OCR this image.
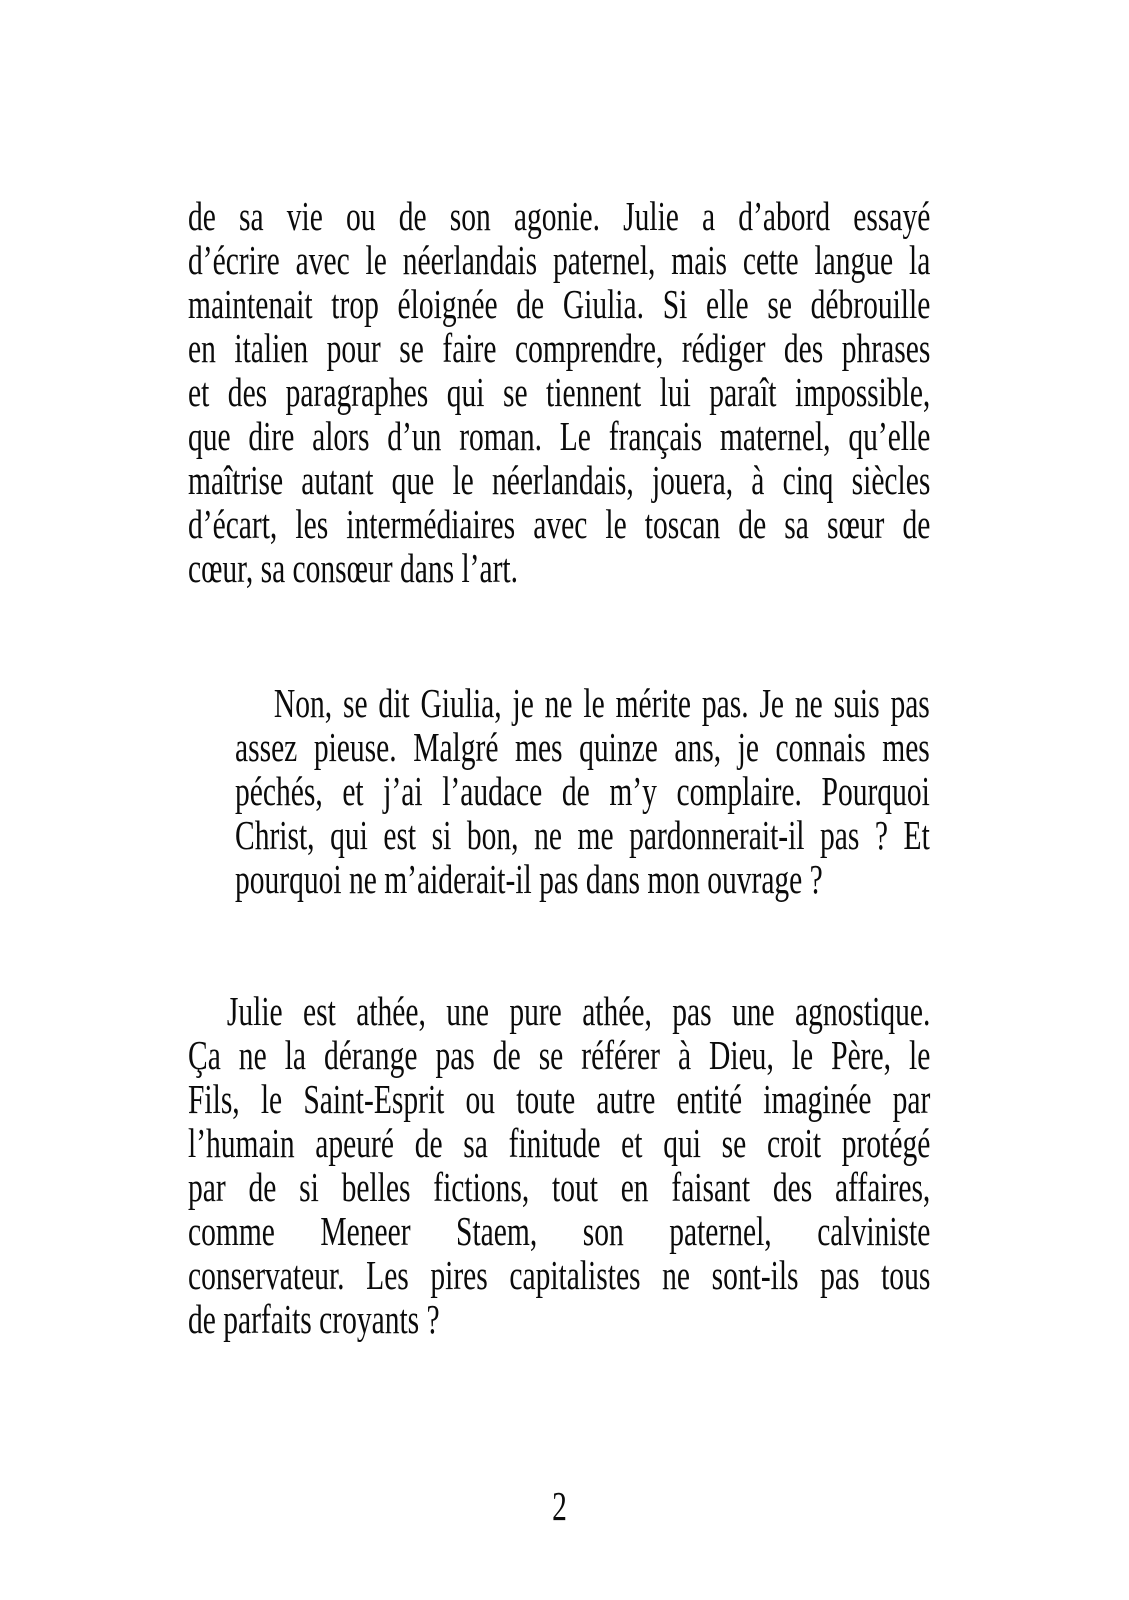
de sa vie ou de son agonie. Julie a d’abord essayé
d’écrire avec le néerlandais paternel, mais cette langue la
maintenait trop éloignée de Giulia. Si elle se débrouille
en italien pour se faire comprendre, rédiger des phrases
et des paragraphes qui se tiennent lui paraît impossible,
que dire alors d’un roman. Le français maternel, qu’elle
maîtrise autant que le néerlandais, jouera, à cinq siècles
d’écart, les intermédiaires avec le toscan de sa sœur de
cœur, sa consœur dans l’art.
Non, se dit Giulia, je ne le mérite pas. Je ne suis pas
assez pieuse. Malgré mes quinze ans, je connais mes
péchés, et j’ai l’audace de m’y complaire. Pourquoi
Christ, qui est si bon, ne me pardonnerait-il pas ? Et
pourquoi ne m’aiderait-il pas dans mon ouvrage ?
Julie est athée, une pure athée, pas une agnostique.
Ça ne la dérange pas de se référer à Dieu, le Père, le
Fils, le Saint-Esprit ou toute autre entité imaginée par
l’humain apeuré de sa finitude et qui se croit protégé
par de si belles fictions, tout en faisant des affaires,
comme Meneer Staem, son paternel, calviniste
conservateur. Les pires capitalistes ne sont-ils pas tous
de parfaits croyants ?
2
